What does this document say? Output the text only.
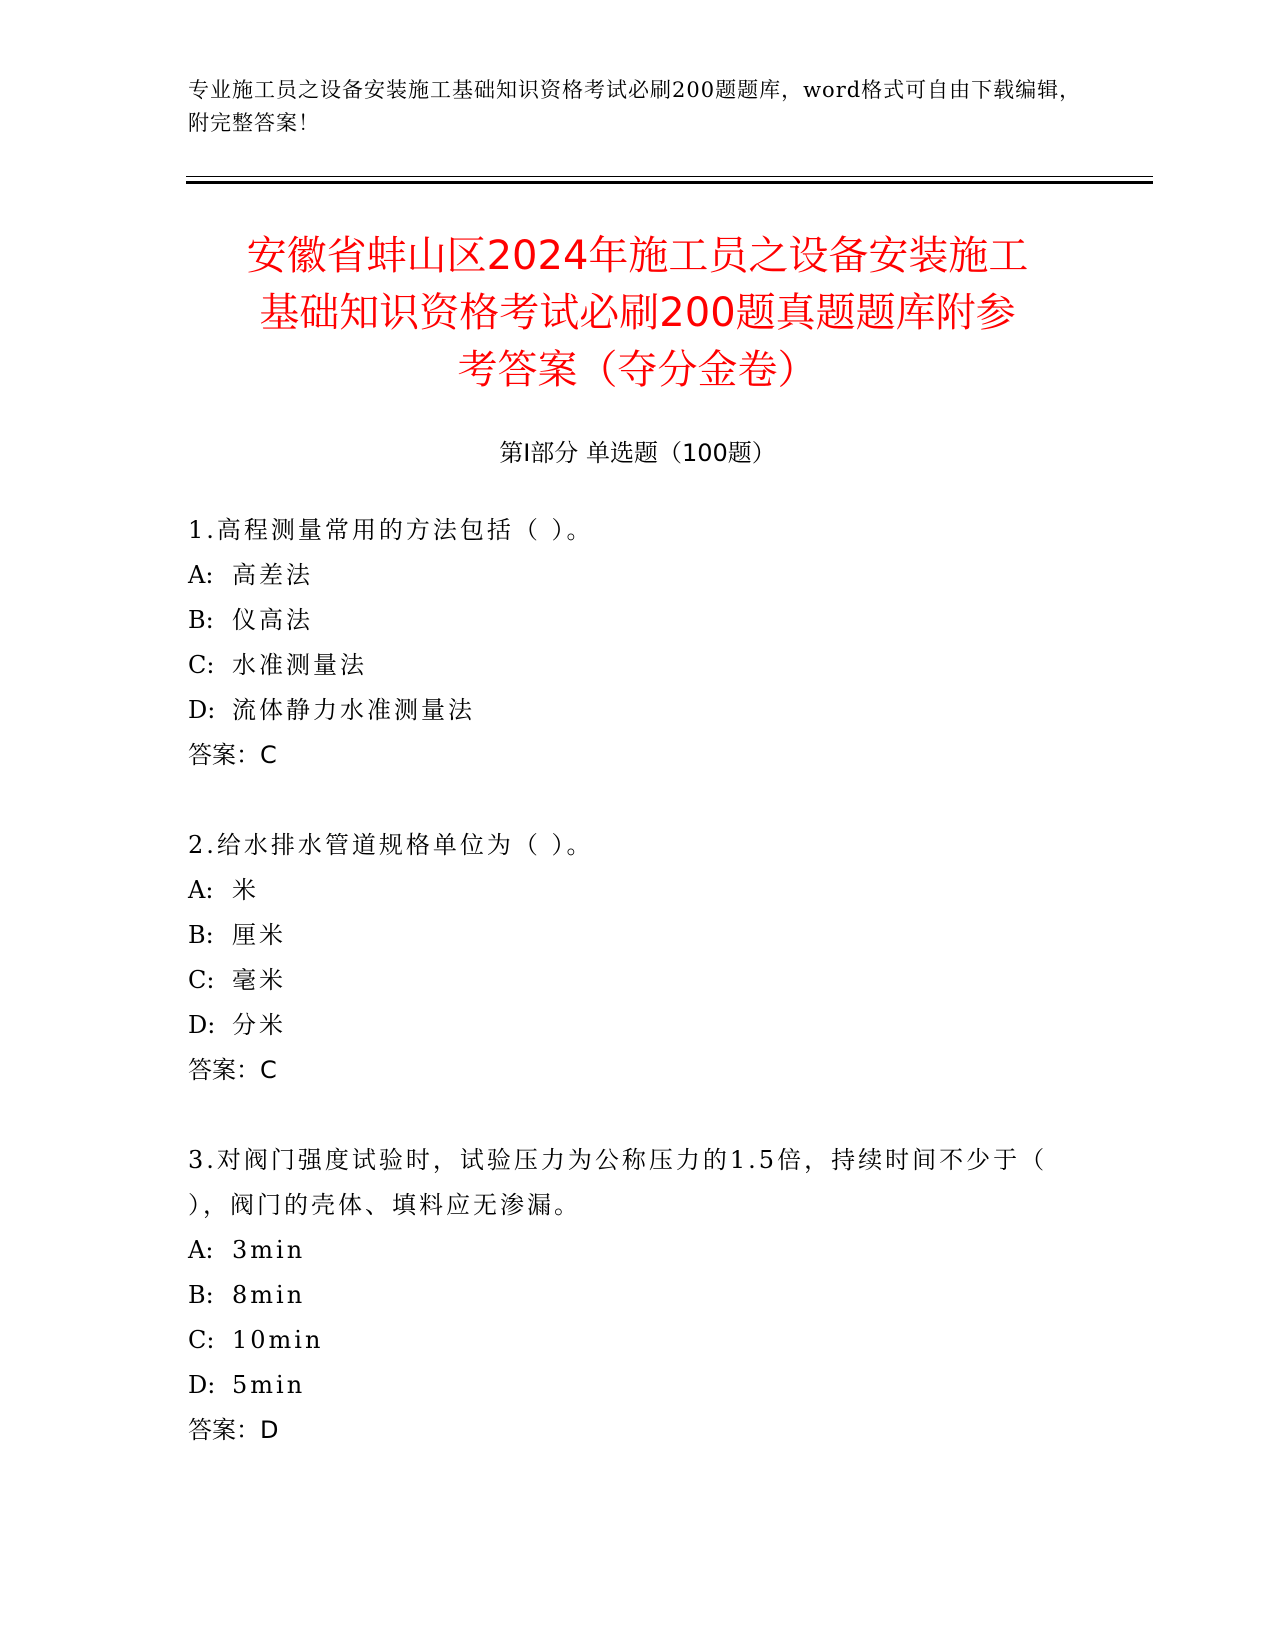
专业施工员之设备安装施工基础知识资格考试必刷200题题库，word格式可自由下载编辑，附完整答案！
安徽省蚌山区2024年施工员之设备安装施工
基础知识资格考试必刷200题真题题库附参
考答案（夺分金卷）
第Ⅰ部分 单选题（100题）

1.高程测量常用的方法包括（ ）。

A: 高差法

B: 仪高法

C: 水准测量法

D: 流体静力水准测量法

答案：C

2.给水排水管道规格单位为（ ）。

A: 米

B: 厘米

C: 毫米

D: 分米

答案：C

3.对阀门强度试验时，试验压力为公称压力的1.5倍，持续时间不少于（ ），阀门的壳体、填料应无渗漏。

A: 3min

B: 8min

C: 10min

D: 5min

答案：D
